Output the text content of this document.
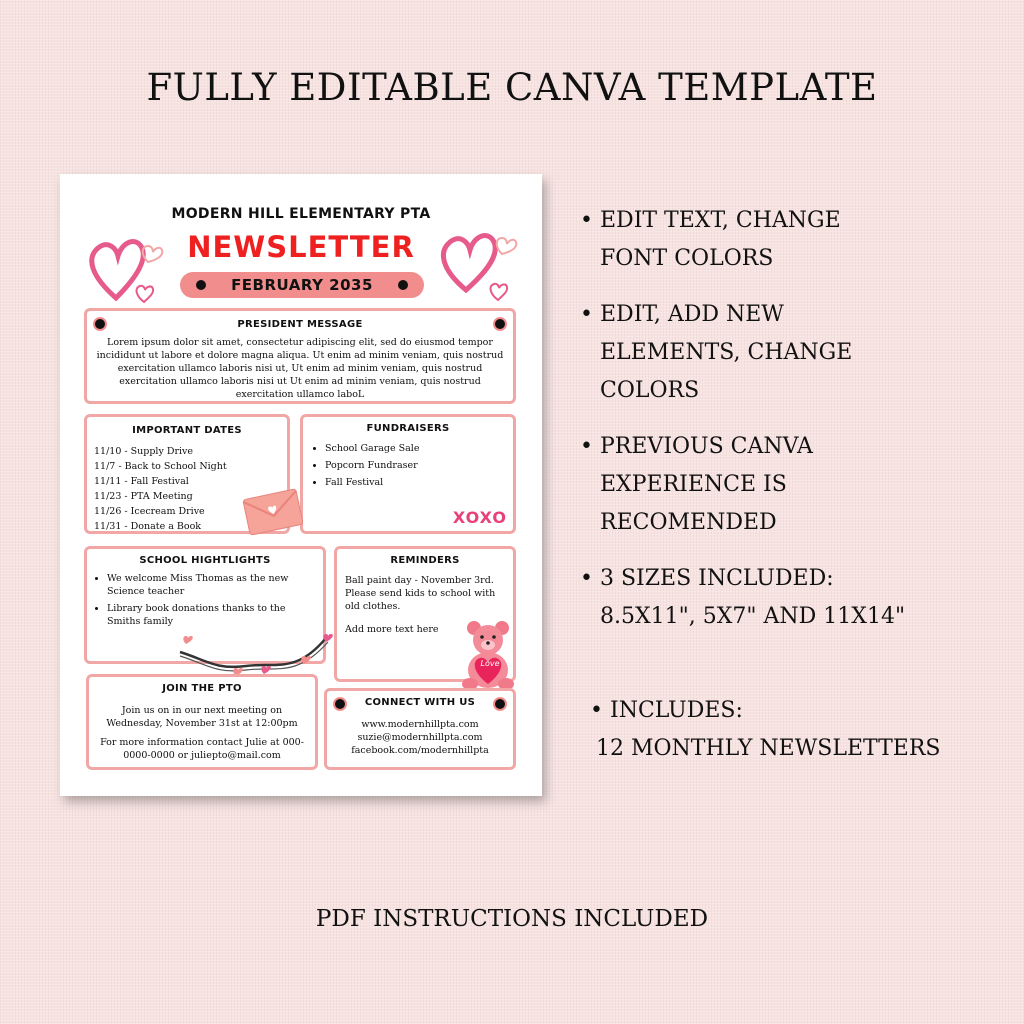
FULLY EDITABLE CANVA TEMPLATE
MODERN HILL ELEMENTARY PTA
NEWSLETTER
FEBRUARY 2035
PRESIDENT MESSAGE
Lorem ipsum dolor sit amet, consectetur adipiscing elit, sed do eiusmod tempor incididunt ut labore et dolore magna aliqua. Ut enim ad minim veniam, quis nostrud exercitation ullamco laboris nisi ut, Ut enim ad minim veniam, quis nostrud exercitation ullamco laboris nisi ut Ut enim ad minim veniam, quis nostrud exercitation ullamco laboL
IMPORTANT DATES
11/10 - Supply Drive
11/7 - Back to School Night
11/11 - Fall Festival
11/23 - PTA Meeting
11/26 - Icecream Drive
11/31 - Donate a Book
FUNDRAISERS
• School Garage Sale
• Popcorn Fundraser
• Fall Festival
XOXO
SCHOOL HIGHTLIGHTS
• We welcome Miss Thomas as the new Science teacher
• Library book donations thanks to the Smiths family
REMINDERS
Ball paint day - November 3rd. Please send kids to school with old clothes.
Add more text here
Love
JOIN THE PTO
Join us on in our next meeting on Wednesday, November 31st at 12:00pm
For more information contact Julie at 000-0000-0000 or juliepto@mail.com
CONNECT WITH US
www.modernhillpta.com
suzie@modernhillpta.com
facebook.com/modernhillpta
• EDIT TEXT, CHANGE
FONT COLORS
• EDIT, ADD NEW
ELEMENTS, CHANGE
COLORS
• PREVIOUS CANVA
EXPERIENCE IS
RECOMENDED
• 3 SIZES INCLUDED:
8.5X11", 5X7" AND 11X14"
• INCLUDES:
12 MONTHLY NEWSLETTERS
PDF INSTRUCTIONS INCLUDED
